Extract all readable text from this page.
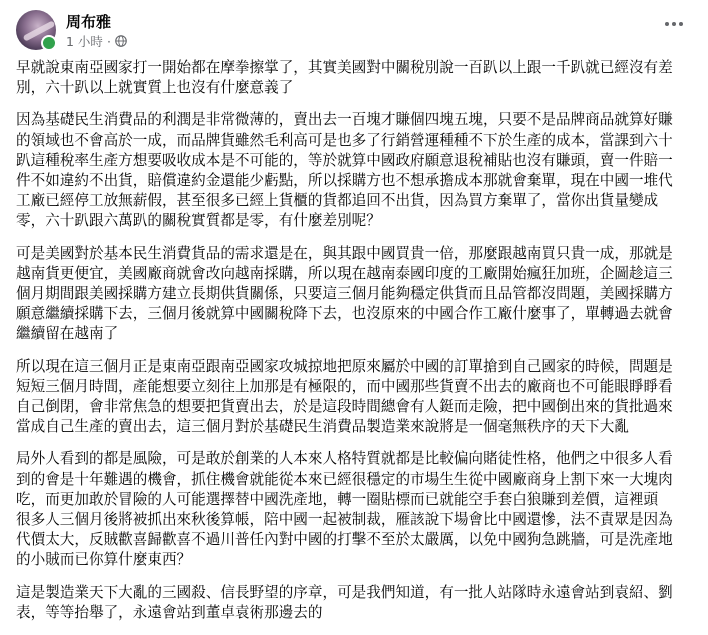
周布雅
1 小時 ·

早就說東南亞國家打一開始都在摩拳擦掌了，其實美國對中關稅別說一百趴以上跟一千趴就已經沒有差
別，六十趴以上就實質上也沒有什麼意義了

因為基礎民生消費品的利潤是非常微薄的，賣出去一百塊才賺個四塊五塊，只要不是品牌商品就算好賺
的領域也不會高於一成，而品牌貨雖然毛利高可是也多了行銷營運種種不下於生產的成本，當課到六十
趴這種稅率生產方想要吸收成本是不可能的，等於就算中國政府願意退稅補貼也沒有賺頭，賣一件賠一
件不如違約不出貨，賠償違約金還能少虧點，所以採購方也不想承擔成本那就會棄單，現在中國一堆代
工廠已經停工放無薪假，甚至很多已經上貨櫃的貨都追回不出貨，因為買方棄單了，當你出貨量變成
零，六十趴跟六萬趴的關稅實質都是零，有什麼差別呢？

可是美國對於基本民生消費貨品的需求還是在，與其跟中國買貴一倍，那麼跟越南買只貴一成，那就是
越南貨更便宜，美國廠商就會改向越南採購，所以現在越南泰國印度的工廠開始瘋狂加班，企圖趁這三
個月期間跟美國採購方建立長期供貨關係，只要這三個月能夠穩定供貨而且品管都沒問題，美國採購方
願意繼續採購下去，三個月後就算中國關稅降下去，也沒原來的中國合作工廠什麼事了，單轉過去就會
繼續留在越南了

所以現在這三個月正是東南亞跟南亞國家攻城掠地把原來屬於中國的訂單搶到自己國家的時候，問題是
短短三個月時間，產能想要立刻往上加那是有極限的，而中國那些貨賣不出去的廠商也不可能眼睜睜看
自己倒閉，會非常焦急的想要把貨賣出去，於是這段時間總會有人鋌而走險，把中國倒出來的貨批過來
當成自己生產的賣出去，這三個月對於基礎民生消費品製造業來說將是一個毫無秩序的天下大亂

局外人看到的都是風險，可是敢於創業的人本來人格特質就都是比較偏向賭徒性格，他們之中很多人看
到的會是十年難遇的機會，抓住機會就能從本來已經很穩定的市場生生從中國廠商身上割下來一大塊肉
吃，而更加敢於冒險的人可能選擇替中國洗產地，轉一圈貼標而已就能空手套白狼賺到差價，這裡頭
很多人三個月後將被抓出來秋後算帳，陪中國一起被制裁，雁該說下場會比中國還慘，法不責眾是因為
代價太大，反賊歡喜歸歡喜不過川普任內對中國的打擊不至於太嚴厲，以免中國狗急跳牆，可是洗產地
的小賊而已你算什麼東西？

這是製造業天下大亂的三國殺、信長野望的序章，可是我們知道，有一批人站隊時永遠會站到袁紹、劉
表，等等抬舉了，永遠會站到董卓袁術那邊去的
